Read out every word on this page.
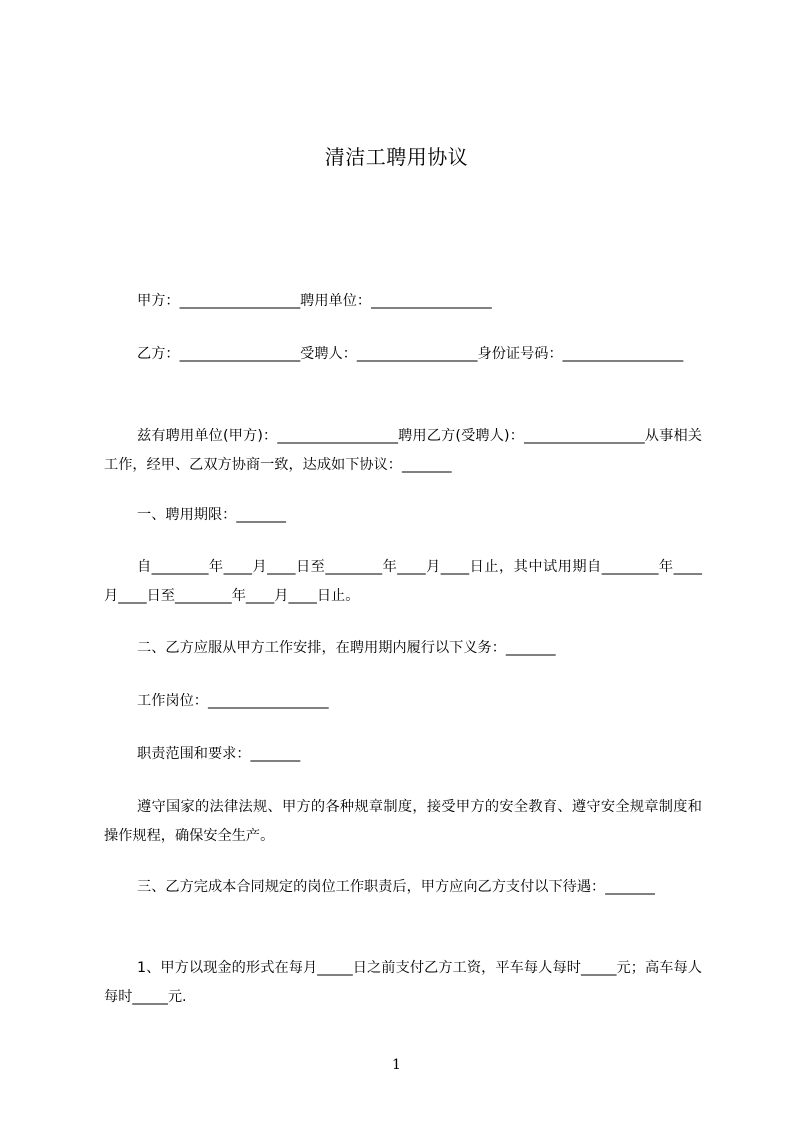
清洁工聘用协议

甲方：_________________聘用单位：_________________

乙方：_________________受聘人：_________________身份证号码：_________________

兹有聘用单位(甲方)：_________________聘用乙方(受聘人)：_________________从事相关工作，经甲、乙双方协商一致，达成如下协议：_______

一、聘用期限：_______

自________年____月____日至________年____月____日止，其中试用期自________年____月____日至________年____月____日止。

二、乙方应服从甲方工作安排，在聘用期内履行以下义务：_______

工作岗位：_________________

职责范围和要求：_______

遵守国家的法律法规、甲方的各种规章制度，接受甲方的安全教育、遵守安全规章制度和操作规程，确保安全生产。

三、乙方完成本合同规定的岗位工作职责后，甲方应向乙方支付以下待遇：_______

1、甲方以现金的形式在每月_____日之前支付乙方工资，平车每人每时_____元；高车每人每时_____元.

1
